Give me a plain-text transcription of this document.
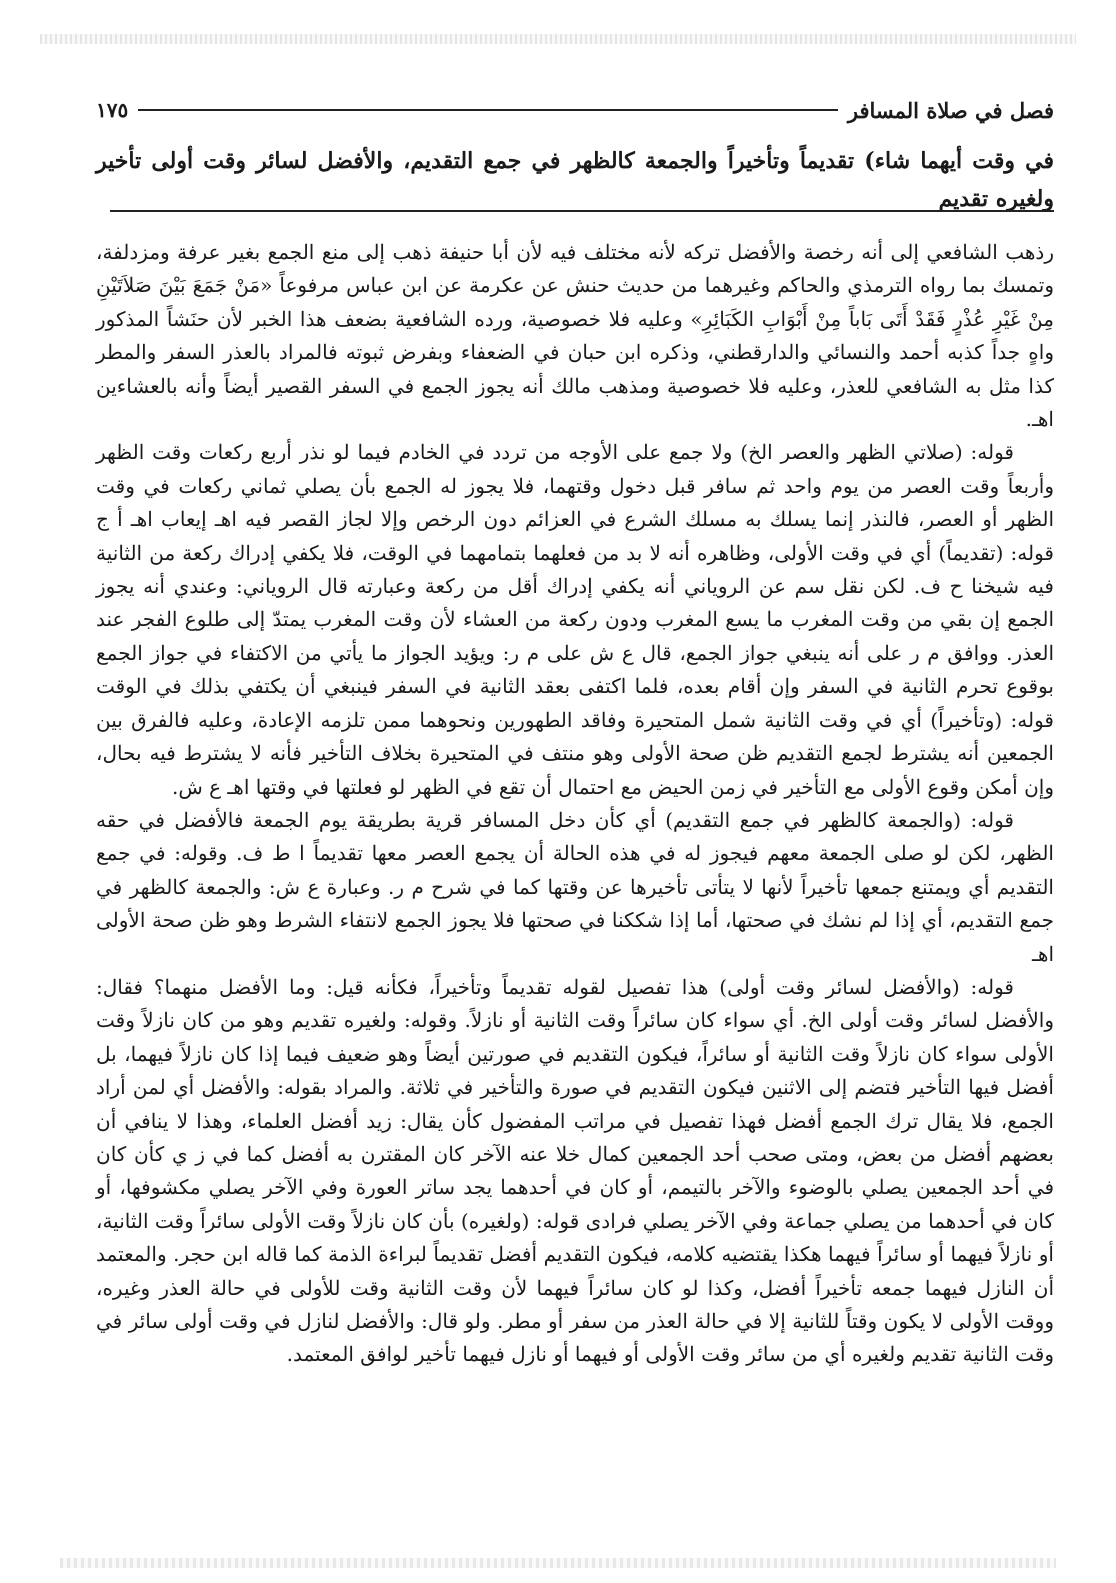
فصل في صلاة المسافر
١٧٥

في وقت أيهما شاء) تقديماً وتأخيراً والجمعة كالظهر في جمع التقديم، والأفضل لسائر وقت أولى تأخير ولغيره تقديم

رذهب الشافعي إلى أنه رخصة والأفضل تركه لأنه مختلف فيه لأن أبا حنيفة ذهب إلى منع الجمع بغير عرفة ومزدلفة، وتمسك بما رواه الترمذي والحاكم وغيرهما من حديث حنش عن عكرمة عن ابن عباس مرفوعاً «مَنْ جَمَعَ بَيْنَ صَلاَتَيْنِ مِنْ غَيْرِ عُذْرٍ فَقَدْ أَتَى بَاباً مِنْ أَبْوَابِ الكَبَائِرِ» وعليه فلا خصوصية، ورده الشافعية بضعف هذا الخبر لأن حنَشاً المذكور واهٍ جداً كذبه أحمد والنسائي والدارقطني، وذكره ابن حبان في الضعفاء وبفرض ثبوته فالمراد بالعذر السفر والمطر كذا مثل به الشافعي للعذر، وعليه فلا خصوصية ومذهب مالك أنه يجوز الجمع في السفر القصير أيضاً وأنه بالعشاءين اهـ.

قوله: (صلاتي الظهر والعصر الخ) ولا جمع على الأوجه من تردد في الخادم فيما لو نذر أربع ركعات وقت الظهر وأربعاً وقت العصر من يوم واحد ثم سافر قبل دخول وقتهما، فلا يجوز له الجمع بأن يصلي ثماني ركعات في وقت الظهر أو العصر، فالنذر إنما يسلك به مسلك الشرع في العزائم دون الرخص وإلا لجاز القصر فيه اهـ إيعاب اهـ أ ج قوله: (تقديماً) أي في وقت الأولى، وظاهره أنه لا بد من فعلهما بتمامهما في الوقت، فلا يكفي إدراك ركعة من الثانية فيه شيخنا ح ف. لكن نقل سم عن الروياني أنه يكفي إدراك أقل من ركعة وعبارته قال الروياني: وعندي أنه يجوز الجمع إن بقي من وقت المغرب ما يسع المغرب ودون ركعة من العشاء لأن وقت المغرب يمتدّ إلى طلوع الفجر عند العذر. ووافق م ر على أنه ينبغي جواز الجمع، قال ع ش على م ر: ويؤيد الجواز ما يأتي من الاكتفاء في جواز الجمع بوقوع تحرم الثانية في السفر وإن أقام بعده، فلما اكتفى بعقد الثانية في السفر فينبغي أن يكتفي بذلك في الوقت قوله: (وتأخيراً) أي في وقت الثانية شمل المتحيرة وفاقد الطهورين ونحوهما ممن تلزمه الإعادة، وعليه فالفرق بين الجمعين أنه يشترط لجمع التقديم ظن صحة الأولى وهو منتف في المتحيرة بخلاف التأخير فأنه لا يشترط فيه بحال، وإن أمكن وقوع الأولى مع التأخير في زمن الحيض مع احتمال أن تقع في الظهر لو فعلتها في وقتها اهـ ع ش.

قوله: (والجمعة كالظهر في جمع التقديم) أي كأن دخل المسافر قرية بطريقة يوم الجمعة فالأفضل في حقه الظهر، لكن لو صلى الجمعة معهم فيجوز له في هذه الحالة أن يجمع العصر معها تقديماً ا ط ف. وقوله: في جمع التقديم أي ويمتنع جمعها تأخيراً لأنها لا يتأتى تأخيرها عن وقتها كما في شرح م ر. وعبارة ع ش: والجمعة كالظهر في جمع التقديم، أي إذا لم نشك في صحتها، أما إذا شككنا في صحتها فلا يجوز الجمع لانتفاء الشرط وهو ظن صحة الأولى اهـ

قوله: (والأفضل لسائر وقت أولى) هذا تفصيل لقوله تقديماً وتأخيراً، فكأنه قيل: وما الأفضل منهما؟ فقال: والأفضل لسائر وقت أولى الخ. أي سواء كان سائراً وقت الثانية أو نازلاً. وقوله: ولغيره تقديم وهو من كان نازلاً وقت الأولى سواء كان نازلاً وقت الثانية أو سائراً، فيكون التقديم في صورتين أيضاً وهو ضعيف فيما إذا كان نازلاً فيهما، بل أفضل فيها التأخير فتضم إلى الاثنين فيكون التقديم في صورة والتأخير في ثلاثة. والمراد بقوله: والأفضل أي لمن أراد الجمع، فلا يقال ترك الجمع أفضل فهذا تفصيل في مراتب المفضول كأن يقال: زيد أفضل العلماء، وهذا لا ينافي أن بعضهم أفضل من بعض، ومتى صحب أحد الجمعين كمال خلا عنه الآخر كان المقترن به أفضل كما في ز ي كأن كان في أحد الجمعين يصلي بالوضوء والآخر بالتيمم، أو كان في أحدهما يجد ساتر العورة وفي الآخر يصلي مكشوفها، أو كان في أحدهما من يصلي جماعة وفي الآخر يصلي فرادى قوله: (ولغيره) بأن كان نازلاً وقت الأولى سائراً وقت الثانية، أو نازلاً فيهما أو سائراً فيهما هكذا يقتضيه كلامه، فيكون التقديم أفضل تقديماً لبراءة الذمة كما قاله ابن حجر. والمعتمد أن النازل فيهما جمعه تأخيراً أفضل، وكذا لو كان سائراً فيهما لأن وقت الثانية وقت للأولى في حالة العذر وغيره، ووقت الأولى لا يكون وقتاً للثانية إلا في حالة العذر من سفر أو مطر. ولو قال: والأفضل لنازل في وقت أولى سائر في وقت الثانية تقديم ولغيره أي من سائر وقت الأولى أو فيهما أو نازل فيهما تأخير لوافق المعتمد.
